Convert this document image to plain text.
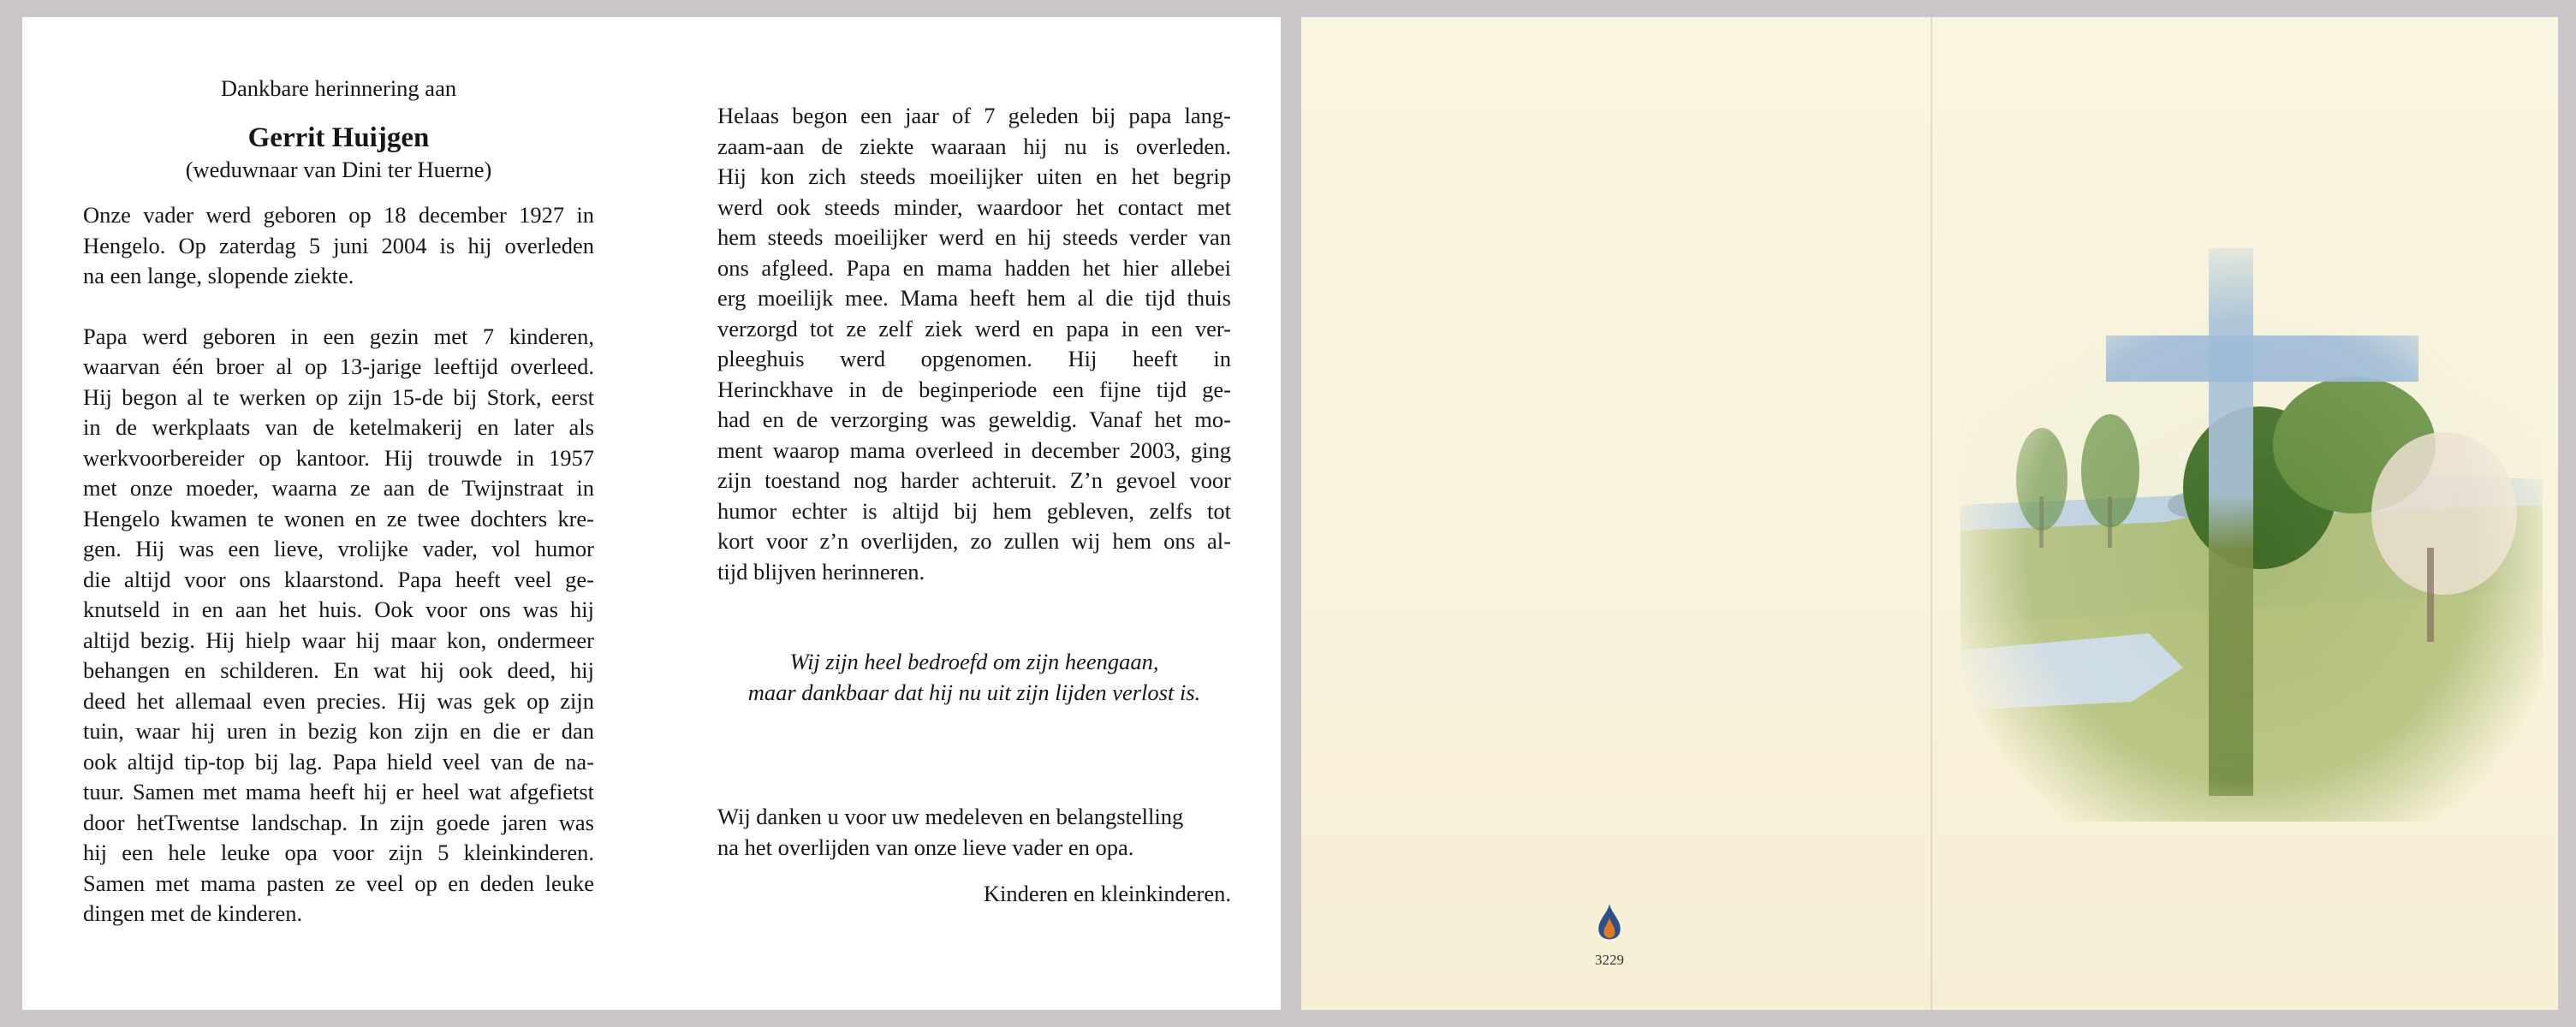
Dankbare herinnering aan

Gerrit Huijgen

(weduwnaar van Dini ter Huerne)

Onze vader werd geboren op 18 december 1927 in
Hengelo. Op zaterdag 5 juni 2004 is hij overleden
na een lange, slopende ziekte.
Papa werd geboren in een gezin met 7 kinderen,
waarvan één broer al op 13-jarige leeftijd overleed.
Hij begon al te werken op zijn 15-de bij Stork, eerst
in de werkplaats van de ketelmakerij en later als
werkvoorbereider op kantoor. Hij trouwde in 1957
met onze moeder, waarna ze aan de Twijnstraat in
Hengelo kwamen te wonen en ze twee dochters kre-
gen. Hij was een lieve, vrolijke vader, vol humor
die altijd voor ons klaarstond. Papa heeft veel ge-
knutseld in en aan het huis. Ook voor ons was hij
altijd bezig. Hij hielp waar hij maar kon, ondermeer
behangen en schilderen. En wat hij ook deed, hij
deed het allemaal even precies. Hij was gek op zijn
tuin, waar hij uren in bezig kon zijn en die er dan
ook altijd tip-top bij lag. Papa hield veel van de na-
tuur. Samen met mama heeft hij er heel wat afgefietst
door hetTwentse landschap. In zijn goede jaren was
hij een hele leuke opa voor zijn 5 kleinkinderen.
Samen met mama pasten ze veel op en deden leuke
dingen met de kinderen.
Helaas begon een jaar of 7 geleden bij papa lang-
zaam-aan de ziekte waaraan hij nu is overleden.
Hij kon zich steeds moeilijker uiten en het begrip
werd ook steeds minder, waardoor het contact met
hem steeds moeilijker werd en hij steeds verder van
ons afgleed. Papa en mama hadden het hier allebei
erg moeilijk mee. Mama heeft hem al die tijd thuis
verzorgd tot ze zelf ziek werd en papa in een ver-
pleeghuis werd opgenomen. Hij heeft in
Herinckhave in de beginperiode een fijne tijd ge-
had en de verzorging was geweldig. Vanaf het mo-
ment waarop mama overleed in december 2003, ging
zijn toestand nog harder achteruit. Z’n gevoel voor
humor echter is altijd bij hem gebleven, zelfs tot
kort voor z’n overlijden, zo zullen wij hem ons al-
tijd blijven herinneren.
Wij zijn heel bedroefd om zijn heengaan,
maar dankbaar dat hij nu uit zijn lijden verlost is.
Wij danken u voor uw medeleven en belangstelling
na het overlijden van onze lieve vader en opa.
Kinderen en kleinkinderen.
3229
